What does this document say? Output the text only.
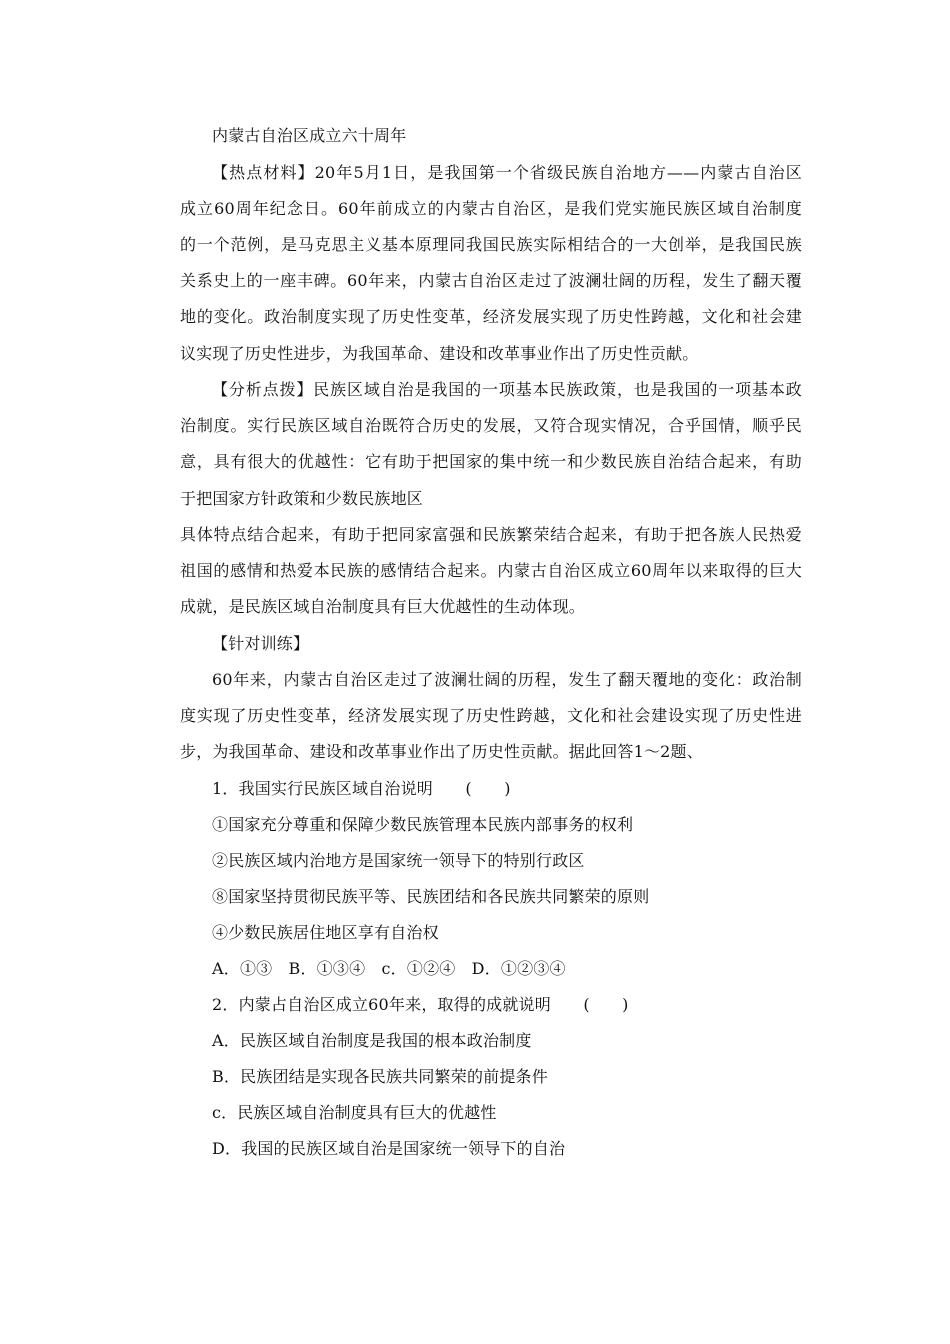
内蒙古自治区成立六十周年
【热点材料】20年5月1日，是我国第一个省级民族自治地方——内蒙古自治区
成立60周年纪念日。60年前成立的内蒙古自治区，是我们党实施民族区域自治制度
的一个范例，是马克思主义基本原理同我国民族实际相结合的一大创举，是我国民族
关系史上的一座丰碑。60年来，内蒙古自治区走过了波澜壮阔的历程，发生了翻天覆
地的变化。政治制度实现了历史性变革，经济发展实现了历史性跨越，文化和社会建
议实现了历史性进步，为我国革命、建设和改革事业作出了历史性贡献。
【分析点拨】民族区域自治是我国的一项基本民族政策，也是我国的一项基本政
治制度。实行民族区域自治既符合历史的发展，又符合现实情况，合乎国情，顺乎民
意，具有很大的优越性：它有助于把国家的集中统一和少数民族自治结合起来，有助
于把国家方针政策和少数民族地区
具体特点结合起来，有助于把同家富强和民族繁荣结合起来，有助于把各族人民热爱
祖国的感情和热爱本民族的感情结合起来。内蒙古自治区成立60周年以来取得的巨大
成就，是民族区域自治制度具有巨大优越性的生动体现。
【针对训练】
60年来，内蒙古自治区走过了波澜壮阔的历程，发生了翻天覆地的变化：政治制
度实现了历史性变革，经济发展实现了历史性跨越，文化和社会建设实现了历史性进
步，为我国革命、建设和改革事业作出了历史性贡献。据此回答1～2题、
1．我国实行民族区域自治说明　　(　　)
①国家充分尊重和保障少数民族管理本民族内部事务的权利
②民族区域内治地方是国家统一领导下的特别行政区
⑧国家坚持贯彻民族平等、民族团结和各民族共同繁荣的原则
④少数民族居住地区享有自治权
A．①③　B．①③④　c．①②④　D．①②③④
2．内蒙占自治区成立60年来，取得的成就说明　　(　　)
A．民族区域自治制度是我国的根本政治制度
B．民族团结是实现各民族共同繁荣的前提条件
c．民族区域自治制度具有巨大的优越性
D．我国的民族区域自治是国家统一领导下的自治
